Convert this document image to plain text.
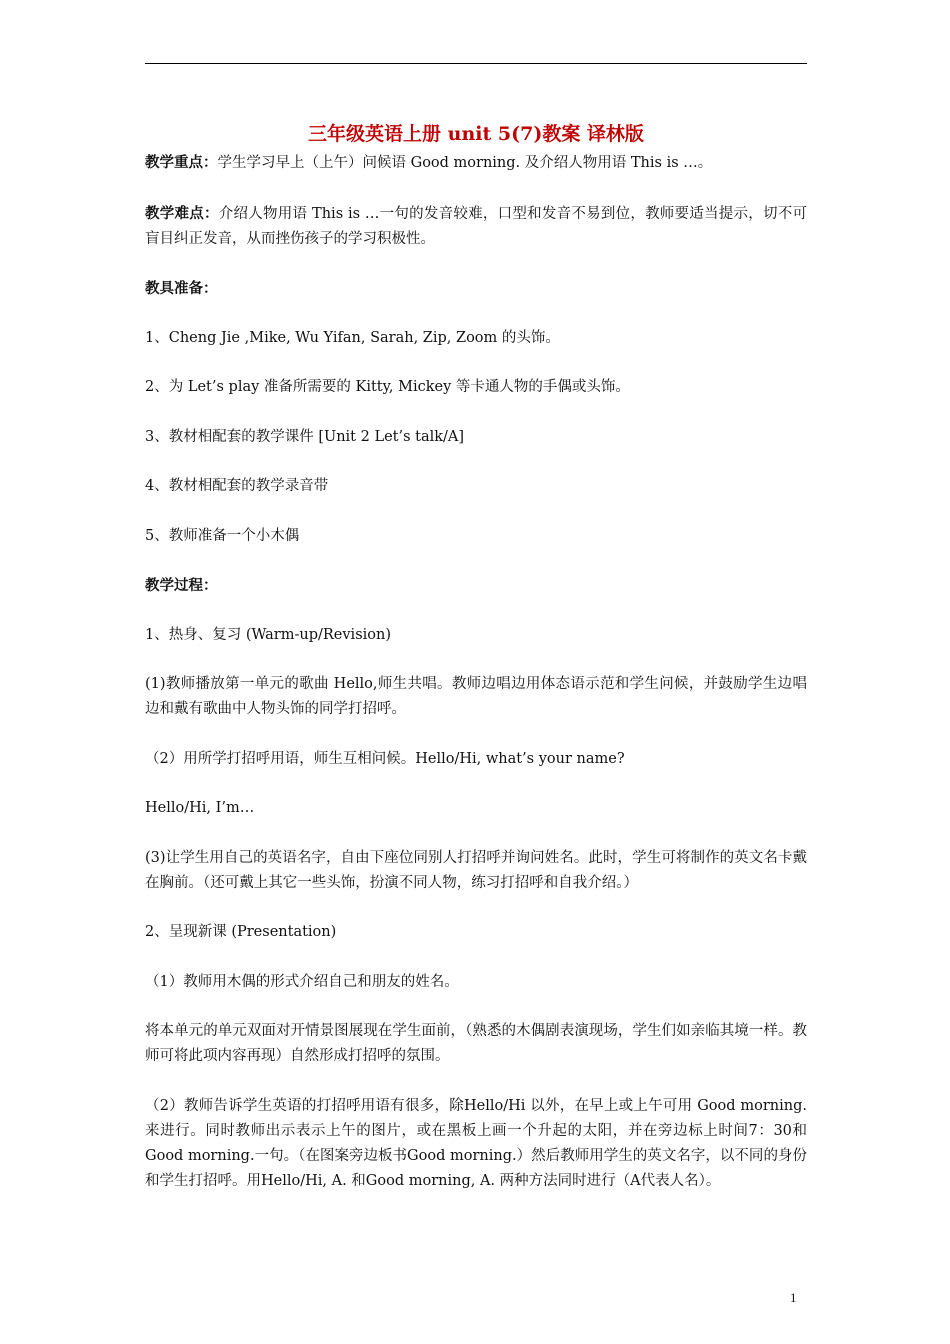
三年级英语上册 unit 5(7)教案 译林版

教学重点：学生学习早上（上午）问候语 Good morning. 及介绍人物用语 This is …。

教学难点：介绍人物用语 This is …一句的发音较难，口型和发音不易到位，教师要适当提示，切不可盲目纠正发音，从而挫伤孩子的学习积极性。

教具准备：

1、Cheng Jie ,Mike, Wu Yifan, Sarah, Zip, Zoom 的头饰。

2、为 Let’s play 准备所需要的 Kitty, Mickey 等卡通人物的手偶或头饰。

3、教材相配套的教学课件 [Unit 2 Let’s talk/A]

4、教材相配套的教学录音带

5、教师准备一个小木偶

教学过程：

1、热身、复习 (Warm-up/Revision)

(1)教师播放第一单元的歌曲 Hello,师生共唱。教师边唱边用体态语示范和学生问候，并鼓励学生边唱边和戴有歌曲中人物头饰的同学打招呼。

（2）用所学打招呼用语，师生互相问候。Hello/Hi, what’s your name?

Hello/Hi, I’m…

(3)让学生用自己的英语名字，自由下座位同别人打招呼并询问姓名。此时，学生可将制作的英文名卡戴在胸前。（还可戴上其它一些头饰，扮演不同人物，练习打招呼和自我介绍。）

2、呈现新课 (Presentation)

（1）教师用木偶的形式介绍自己和朋友的姓名。

将本单元的单元双面对开情景图展现在学生面前，（熟悉的木偶剧表演现场，学生们如亲临其境一样。教师可将此项内容再现）自然形成打招呼的氛围。

（2）教师告诉学生英语的打招呼用语有很多，除Hello/Hi 以外，在早上或上午可用 Good morning. 来进行。同时教师出示表示上午的图片，或在黑板上画一个升起的太阳，并在旁边标上时间7：30和 Good morning.一句。（在图案旁边板书Good morning.）然后教师用学生的英文名字，以不同的身份和学生打招呼。用Hello/Hi, A. 和Good morning, A. 两种方法同时进行（A代表人名）。

1
